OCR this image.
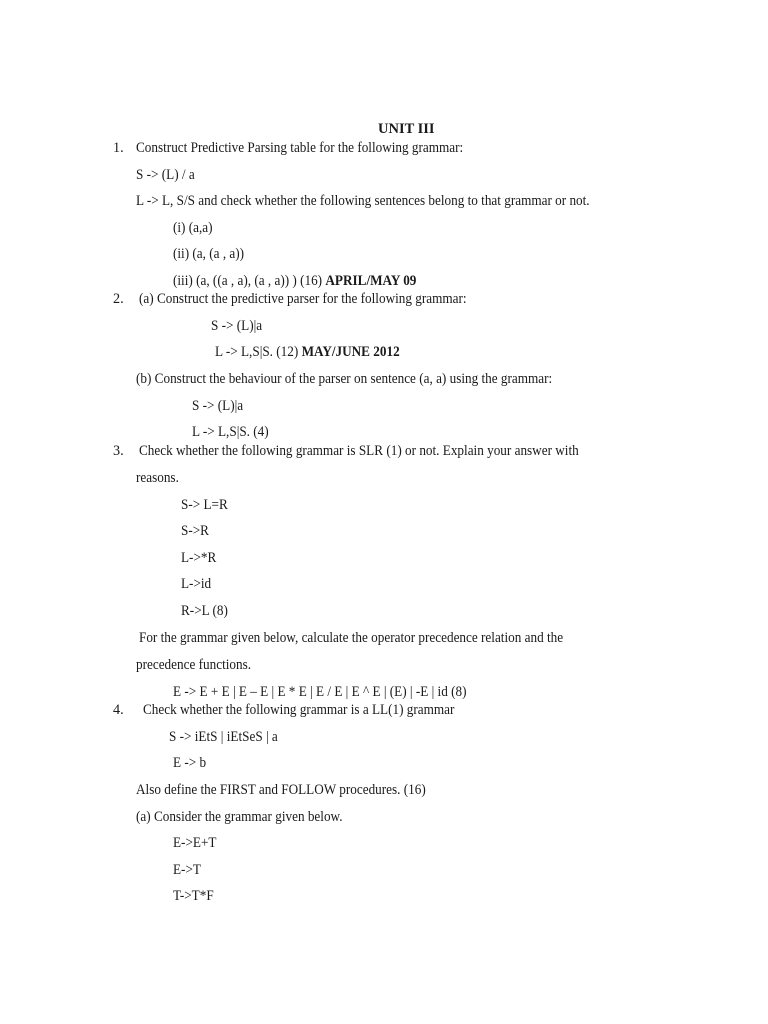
UNIT III
1. Construct Predictive Parsing table for the following grammar:
S -> (L) / a
L -> L, S/S and check whether the following sentences belong to that grammar or not.
(i) (a,a)
(ii) (a, (a , a))
(iii) (a, ((a , a), (a , a)) ) (16) APRIL/MAY 09
2. (a) Construct the predictive parser for the following grammar:
S -> (L)|a
L -> L,S|S. (12) MAY/JUNE 2012
(b) Construct the behaviour of the parser on sentence (a, a) using the grammar:
S -> (L)|a
L -> L,S|S. (4)
3. Check whether the following grammar is SLR (1) or not. Explain your answer with
reasons.
S-> L=R
S->R
L->*R
L->id
R->L (8)
For the grammar given below, calculate the operator precedence relation and the
precedence functions.
E -> E + E | E – E | E * E | E / E | E ^ E | (E) | -E | id (8)
4. Check whether the following grammar is a LL(1) grammar
S -> iEtS | iEtSeS | a
E -> b
Also define the FIRST and FOLLOW procedures. (16)
(a) Consider the grammar given below.
E->E+T
E->T
T->T*F
